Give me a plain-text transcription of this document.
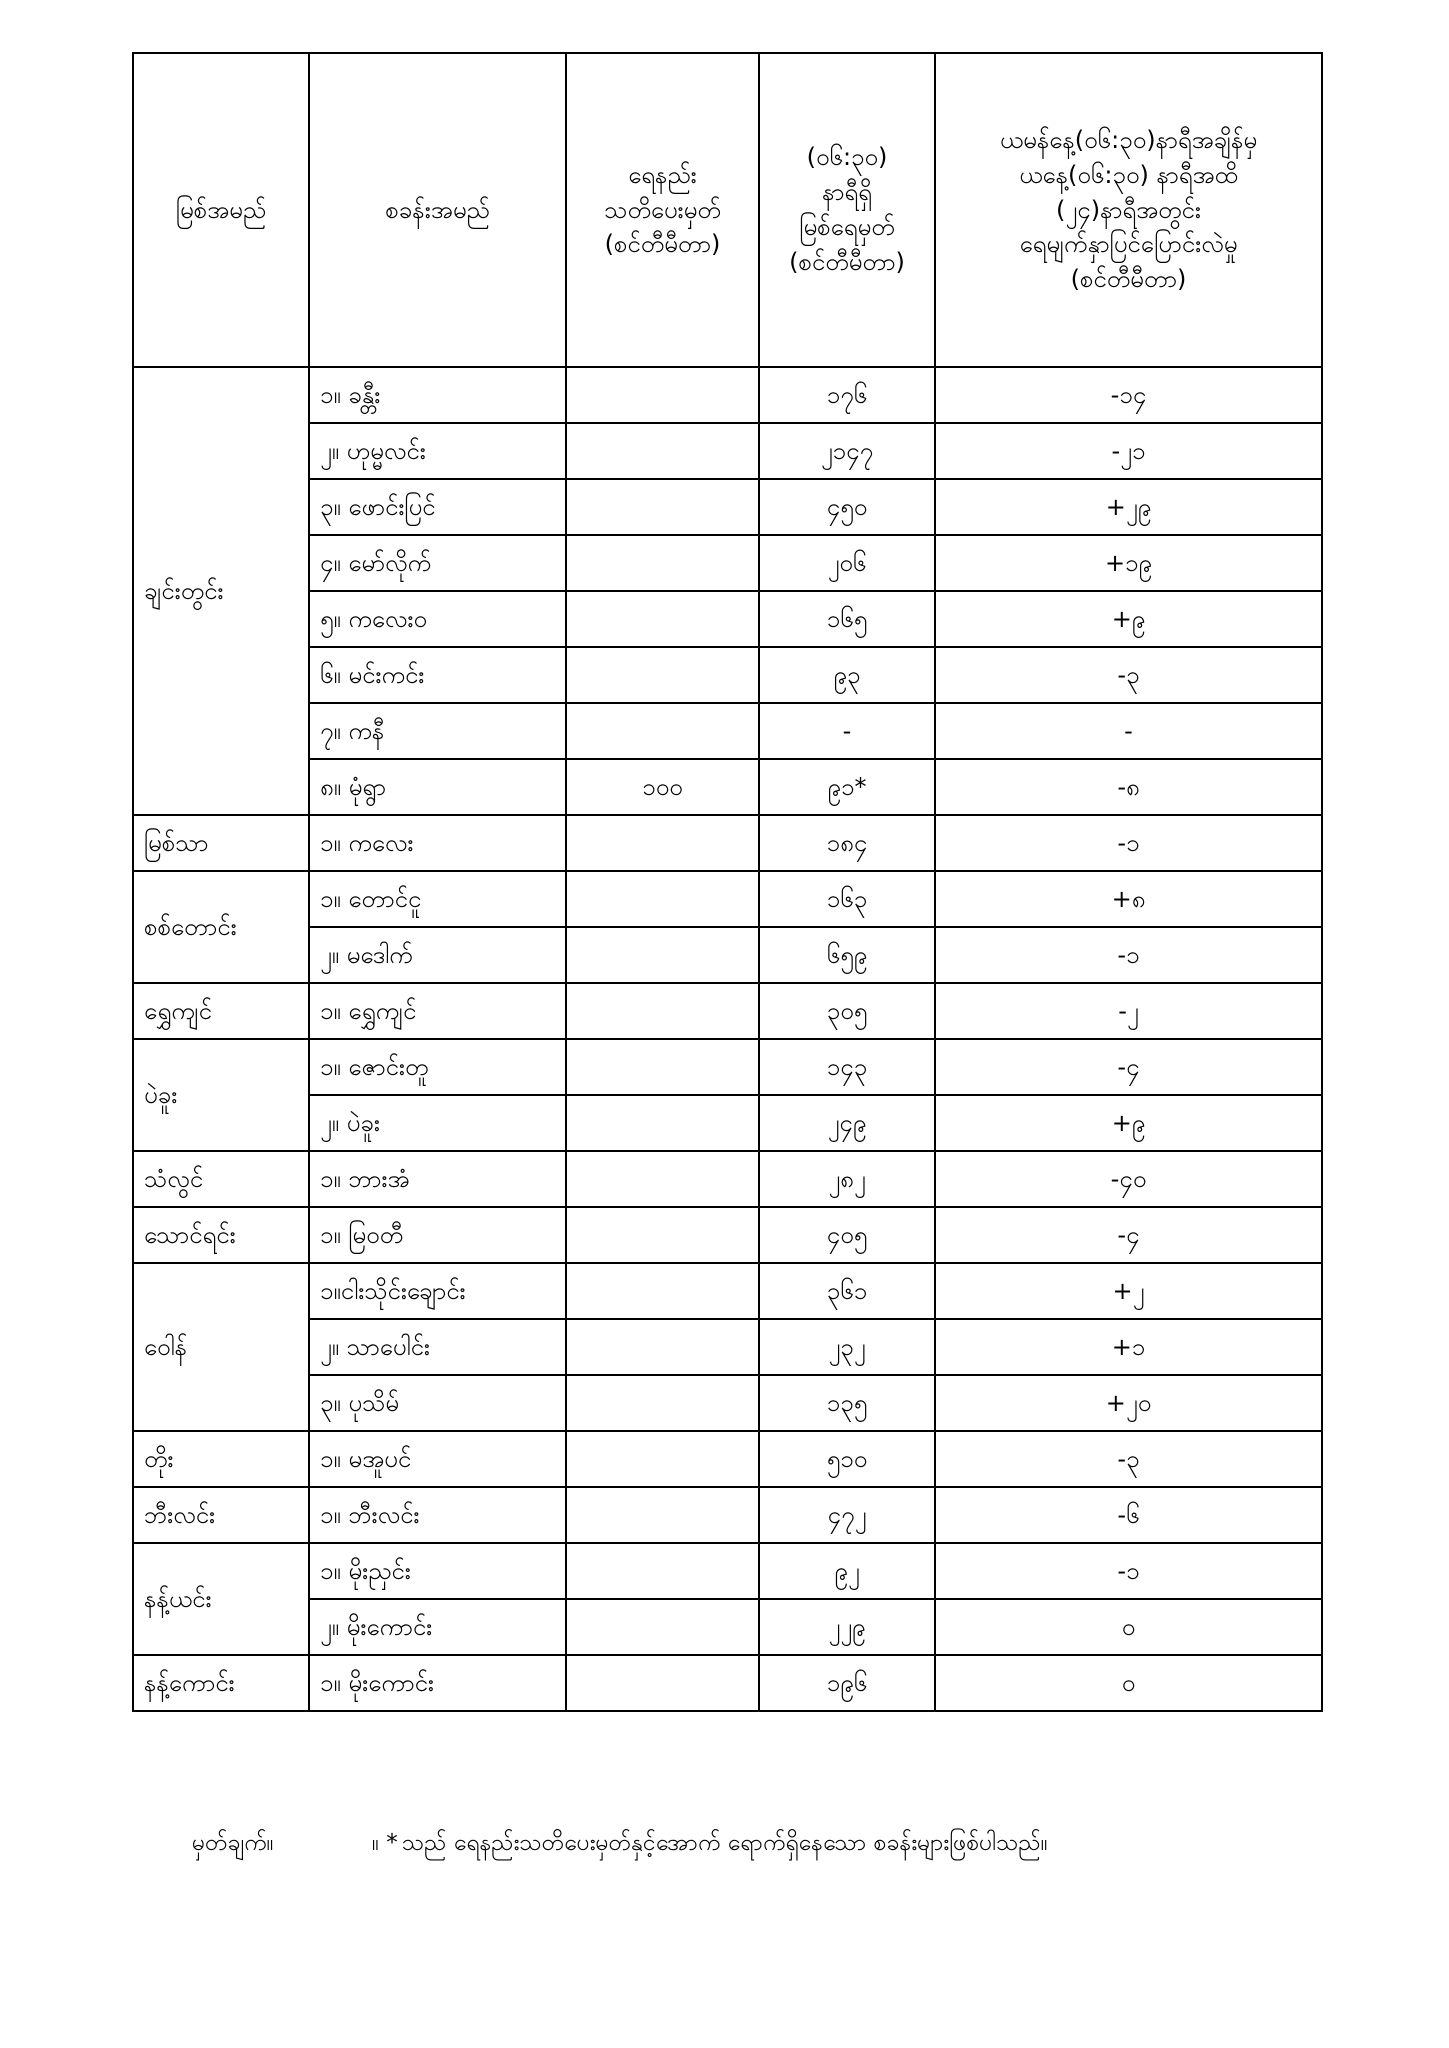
မြစ်အမည်	စခန်းအမည်	ရေနည်း
သတိပေးမှတ်
(စင်တီမီတာ)	(၀၆:၃၀)
နာရီရှိ
မြစ်ရေမှတ်
(စင်တီမီတာ)	ယမန်နေ့(၀၆:၃၀)နာရီအချိန်မှ
ယနေ့(၀၆:၃၀) နာရီအထိ
(၂၄)နာရီအတွင်း
ရေမျက်နှာပြင်ပြောင်းလဲမှု
(စင်တီမီတာ)

ချင်းတွင်း	၁။ ခန္တီး		၁၇၆	-၁၄
	၂။ ဟုမ္မလင်း		၂၁၄၇	-၂၁
	၃။ ဖောင်းပြင်		၄၅၀	+၂၉
	၄။ မော်လိုက်		၂၀၆	+၁၉
	၅။ ကလေးဝ		၁၆၅	+၉
	၆။ မင်းကင်း		၉၃	-၃
	၇။ ကနီ		-	-
	၈။ မုံရွာ	၁၀၀	၉၁*	-၈
မြစ်သာ	၁။ ကလေး		၁၈၄	-၁
စစ်တောင်း	၁။ တောင်ငူ		၁၆၃	+၈
	၂။ မဒေါက်		၆၅၉	-၁
ရွှေကျင်	၁။ ရွှေကျင်		၃၀၅	-၂
ပဲခူး	၁။ ဇောင်းတူ		၁၄၃	-၄
	၂။ ပဲခူး		၂၄၉	+၉
သံလွင်	၁။ ဘားအံ		၂၈၂	-၄၀
သောင်ရင်း	၁။ မြဝတီ		၄၀၅	-၄
ဝေါန်	၁။ငါးသိုင်းချောင်း		၃၆၁	+၂
	၂။ သာပေါင်း		၂၃၂	+၁
	၃။ ပုသိမ်		၁၃၅	+၂၀
တိုး	၁။ မအူပင်		၅၁၀	-၃
ဘီးလင်း	၁။ ဘီးလင်း		၄၇၂	-၆
နန့်ယင်း	၁။ မိုးညှင်း		၉၂	-၁
	၂။ မိုးကောင်း		၂၂၉	၀
နန့်ကောင်း	၁။ မိုးကောင်း		၁၉၆	၀
မှတ်ချက်။	။ * သည် ရေနည်းသတိပေးမှတ်နှင့်အောက် ရောက်ရှိနေသော စခန်းများဖြစ်ပါသည်။
